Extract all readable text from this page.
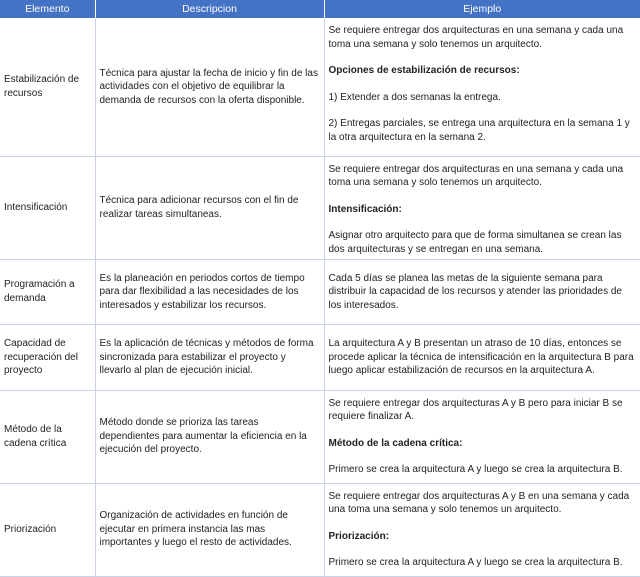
Elemento	Descripcion	Ejemplo
Estabilización de recursos	Técnica para ajustar la fecha de inicio y fin de las actividades con el objetivo de equilibrar la demanda de recursos con la oferta disponible.	Se requiere entregar dos arquitecturas en una semana y cada una toma una semana y solo tenemos un arquitecto.

Opciones de estabilización de recursos:

1) Extender a dos semanas la entrega.

2) Entregas parciales, se entrega una arquitectura en la semana 1 y la otra arquitectura en la semana 2.

Intensificación	Técnica para adicionar recursos con el fin de realizar tareas simultaneas.	Se requiere entregar dos arquitecturas en una semana y cada una toma una semana y solo tenemos un arquitecto.

Intensificación:

Asignar otro arquitecto para que de forma simultanea se crean las dos arquitecturas y se entregan en una semana.

Programación a demanda	Es la planeación en periodos cortos de tiempo para dar flexibilidad a las necesidades de los interesados y estabilizar los recursos.	Cada 5 días se planea las metas de la siguiente semana para distribuir la capacidad de los recursos y atender las prioridades de los interesados.

Capacidad de recuperación del proyecto	Es la aplicación de técnicas y métodos de forma sincronizada para estabilizar el proyecto y llevarlo al plan de ejecución inicial.	La arquitectura A y B presentan un atraso de 10 días, entonces se procede aplicar la técnica de intensificación en la arquitectura B para luego aplicar estabilización de recursos en la arquitectura A.

Método de la cadena crítica	Método donde se prioriza las tareas dependientes para aumentar la eficiencia en la ejecución del proyecto.	Se requiere entregar dos arquitecturas A y B pero para iniciar B se requiere finalizar A.

Método de la cadena crítica:

Primero se crea la arquitectura A y luego se crea la arquitectura B.

Priorización	Organización de actividades en función de ejecutar en primera instancia las mas importantes y luego el resto de actividades.	Se requiere entregar dos arquitecturas A y B en una semana y cada una toma una semana y solo tenemos un arquitecto.

Priorización:

Primero se crea la arquitectura A y luego se crea la arquitectura B.
